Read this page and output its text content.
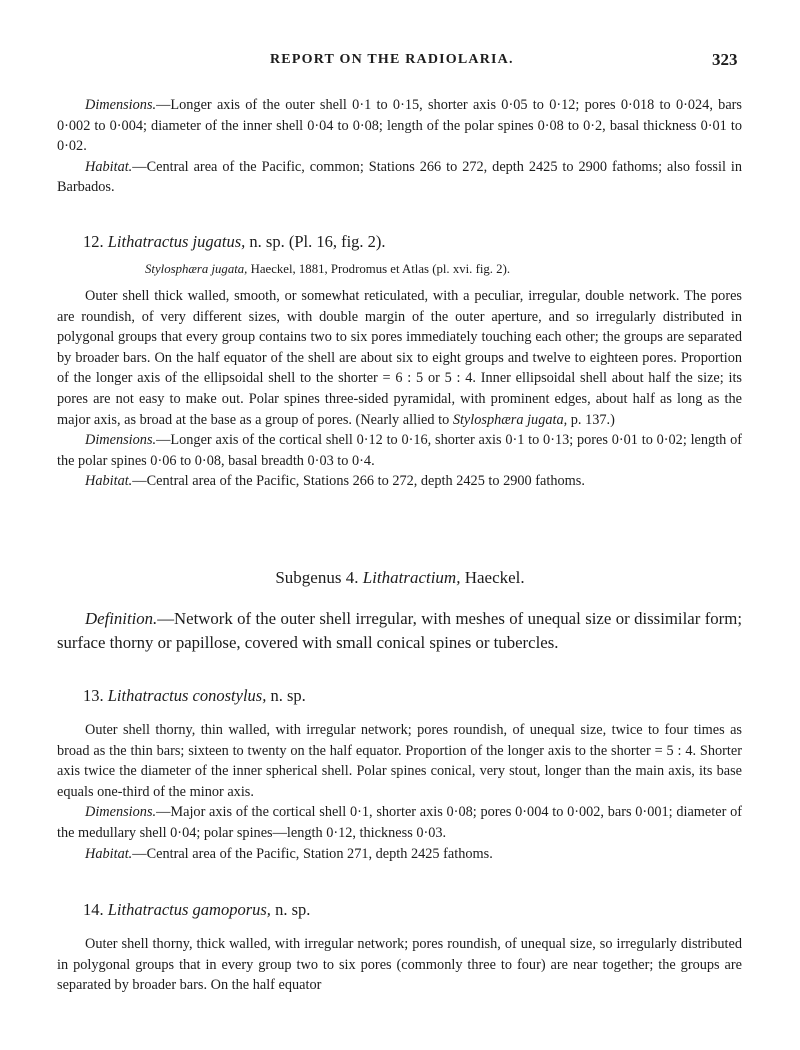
REPORT ON THE RADIOLARIA.	323

Dimensions.—Longer axis of the outer shell 0·1 to 0·15, shorter axis 0·05 to 0·12; pores 0·018 to 0·024, bars 0·002 to 0·004; diameter of the inner shell 0·04 to 0·08; length of the polar spines 0·08 to 0·2, basal thickness 0·01 to 0·02.

Habitat.—Central area of the Pacific, common; Stations 266 to 272, depth 2425 to 2900 fathoms; also fossil in Barbados.

12. Lithatractus jugatus, n. sp. (Pl. 16, fig. 2).
Stylosphæra jugata, Haeckel, 1881, Prodromus et Atlas (pl. xvi. fig. 2).

Outer shell thick walled, smooth, or somewhat reticulated, with a peculiar, irregular, double network. The pores are roundish, of very different sizes, with double margin of the outer aperture, and so irregularly distributed in polygonal groups that every group contains two to six pores immediately touching each other; the groups are separated by broader bars. On the half equator of the shell are about six to eight groups and twelve to eighteen pores. Proportion of the longer axis of the ellipsoidal shell to the shorter = 6 : 5 or 5 : 4. Inner ellipsoidal shell about half the size; its pores are not easy to make out. Polar spines three-sided pyramidal, with prominent edges, about half as long as the major axis, as broad at the base as a group of pores. (Nearly allied to Stylosphæra jugata, p. 137.)

Dimensions.—Longer axis of the cortical shell 0·12 to 0·16, shorter axis 0·1 to 0·13; pores 0·01 to 0·02; length of the polar spines 0·06 to 0·08, basal breadth 0·03 to 0·4.

Habitat.—Central area of the Pacific, Stations 266 to 272, depth 2425 to 2900 fathoms.

Subgenus 4. Lithatractium, Haeckel.

Definition.—Network of the outer shell irregular, with meshes of unequal size or dissimilar form; surface thorny or papillose, covered with small conical spines or tubercles.

13. Lithatractus conostylus, n. sp.

Outer shell thorny, thin walled, with irregular network; pores roundish, of unequal size, twice to four times as broad as the thin bars; sixteen to twenty on the half equator. Proportion of the longer axis to the shorter = 5 : 4. Shorter axis twice the diameter of the inner spherical shell. Polar spines conical, very stout, longer than the main axis, its base equals one-third of the minor axis.

Dimensions.—Major axis of the cortical shell 0·1, shorter axis 0·08; pores 0·004 to 0·002, bars 0·001; diameter of the medullary shell 0·04; polar spines—length 0·12, thickness 0·03.

Habitat.—Central area of the Pacific, Station 271, depth 2425 fathoms.

14. Lithatractus gamoporus, n. sp.

Outer shell thorny, thick walled, with irregular network; pores roundish, of unequal size, so irregularly distributed in polygonal groups that in every group two to six pores (commonly three to four) are near together; the groups are separated by broader bars. On the half equator
